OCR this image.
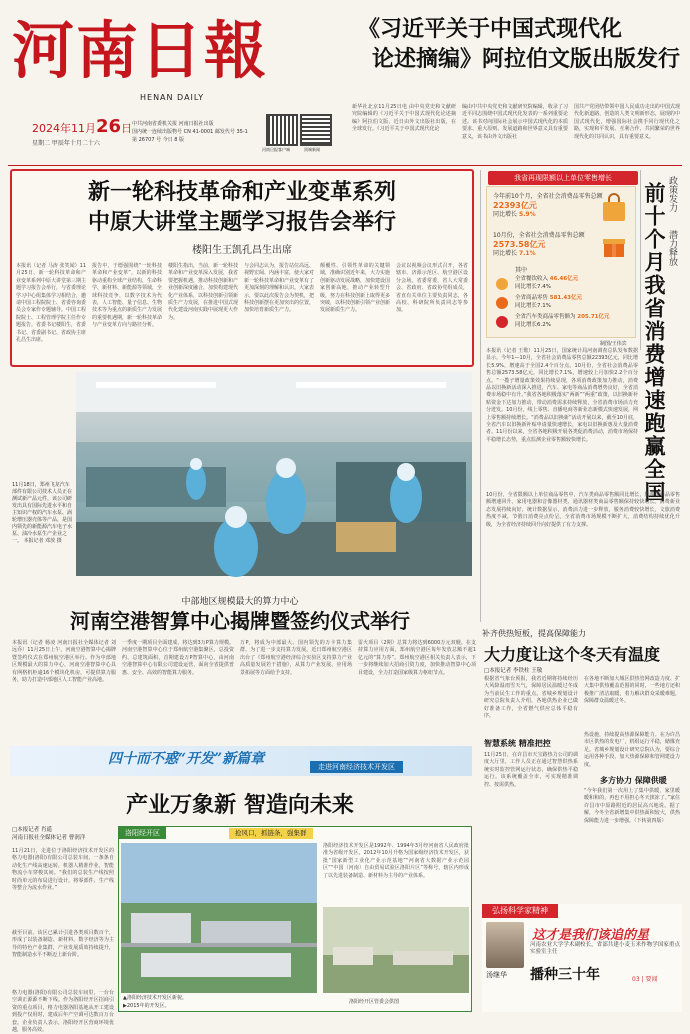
河南日報
HENAN DAILY
2024年11月26日
星期二 甲辰年十月二十六
中共河南省委机关报 河南日报社出版
国内统一连续出版物号 CN 41-0001 邮发代号 35-1
第 26707 号 今日 8 版
河南日报客户端	顶端新闻
《习近平关于中国式现代化
论述摘编》阿拉伯文版出版发行
新华社北京11月25日电 由中央党史和文献研究院编辑的《习近平关于中国式现代化论述摘编》阿拉伯文版，近日由外文出版社出版，在全球发行。《习近平关于中国式现代化论
编由中共中央党史和文献研究院编辑，收录了习近平同志围绕中国式现代化发表的一系列重要论述。该书对向国际社会展示中国式现代化的本质要求、重大原则、发展道路和世界意义具有重要意义，该书由外文出版社
国共产党团结带领中国人民成功走出的中国式现代化新道路，创造的人类文明新形态，展现的中国式现代化，增强国际社会携手同行现代化之路，实现和平发展、互利合作、共同繁荣的世界现代化的共同认识，具有重要意义。
新一轮科技革命和产业变革系列
中原大讲堂主题学习报告会举行
楼阳生王凯孔昌生出席
本报讯（记者 马涛 张笑闻）11月25日，新一轮科技革命和产业变革系列中原大讲堂第三期主题学习报告会举行，与省委理论学习中心组集体学习相结合，邀请中国工程院院士、省委咨询委员会专家作专题辅导。中国工程院院士、工程管理学院主任作专题报告。省委书记楼阳生，省委书记、省委副书记、省政协主席孔昌生出席。
报告中，于德强围绕“一轮科技革命和产业变革”，以新的科技驱动重构全球产业结构，生命科学、新材料、新能源等领域，全球科技竞争，以数字技术为代表，人工智能、量子信息、生物技术等为重点的新质生产力发展的重要机遇期，新一轮科技革命与产业变革方向与路径分析。
楼阳生指出，当前，新一轮科技革命和产业变革深入发展，我省要把握机遇，推动科技创新和产业创新深度融合，加快构建现代化产业体系，以科技创新引领新质生产力发展，在推进中国式现代化建设河南实践中展现更大作为。
与会同志认为，报告站位高远、视野宏阔、内涵丰富，使大家对新一轮科技革命和产业变革有了更加深刻的理解和认识。大家表示，要以此次报告会为契机，把科技创新摆在更加突出的位置，加快培育新质生产力。
颠覆性、引领性革命的关键领域，准确识别近年来，大力实施创新驱动发展战略，加快建设国家创新高地，推动产业转型升级，努力在科技创新上取得更多突破，以科技创新引领产业创新发展新质生产力。
会议以视频会议形式召开，各省辖市、济源示范区、航空港区设分会场。省委常委，省人大常委会、省政府、省政协党组成员，省直有关单位主要负责同志，各高校、科研院所负责同志等参加。
11月18日，郑州飞龙汽车部件有限公司技术人员正在测试新产品元件。该公司研发出具有国际先进水平和自主知识产权的汽车水泵、涡轮增压器壳体等产品，是国内领先的新能源汽车电子水泵、油冷水泵生产企业之一。 本报记者 邓放 摄
我省再现限额以上单位零售增长
今年前10个月，全省社会消费品零售总额
22393亿元
同比增长 5.9%
10月份，全省社会消费品零售总额
2573.58亿元
同比增长 7.1%
其中
全省餐饮收入 46.46亿元
同比增长7.4%
全省商品零售 581.43亿元
同比增长7.1%
全省汽车类商品零售额为 205.71亿元
同比增长6.2%
制图/王伟宾
政策发力
潜力释放
前十个月我省消费增速跑赢全国
本报讯（记者 王歌）11月25日，国家统计局河南调查总队发布数据显示，今年1—10月，全省社会消费品零售总额22393亿元，同比增长5.9%，增速高于全国2.4个百分点。10月份，全省社会消费品零售总额2573.58亿元，同比增长7.1%，增速较上月加快2.2个百分点。“一揽子增量政策效果持续显现，各项消费政策加力推动，消费品以旧换新活动深入推进，汽车、家电等商品消费增势良好，全省消费市场稳中有升。”我省各地积极落实“两新”“两重”政策，以旧换新补贴资金下达加力推动，带动消费需求持续释放，全省消费市场活力充分迸发。10月份，线上零售、直播电商等新业态新模式快速发展，网上零售额持续增长。“消费品以旧换新”活动开展以来，截至10月底，全省汽车以旧换新补贴申请量快速增长，家电以旧换新惠及大量消费者。11月份以来，全省各地积极开展各类促消费活动，消费市场保持平稳增长态势，重点监测企业零售额较快增长。
10月份，全省限额以上单位商品零售中，汽车类商品零售额同比增长，能源类商品零售额增速回升。家用电器和音像器材类、通讯器材类商品零售额保持较快增长。消费新业态发展持续向好，统计数据显示，消费活力进一步释放，服务消费较快增长，文旅消费热度不减，节假日消费亮点纷呈。全省消费市场规模不断扩大，消费结构持续优化升级，为全省经济持续回升向好提供了有力支撑。
中部地区规模最大的算力中心
河南空港智算中心揭牌暨签约仪式举行
本报讯（记者 杨凌 河南日报社全媒体记者 刘远乔）11月25日上午，河南空港智算中心揭牌暨签约仪式在郑州航空港区举行。作为中部地区规模最大的算力中心，河南空港智算中心具有网格机柜逾16个模块化机房，可提供算力服务，助力打造中部地区人工智能产业高地。
一季度一期项目全面建成，将达到3万P算力规模。河南空港智算中心位于郑州航空港集聚区，总投资约、总建筑面积，首期建设万P智算中心，由河南空港智算中心有限公司建设运营，面向全省提供普惠、安全、高效的智能算力服务。
万P，将成为中部最大、国内领先的万卡算力集群。为了进一步支持算力发展，近日郑州航空港区出台了《郑州航空港经济综合实验区支持算力产业高质量发展若干措施》，从算力产业发展、应用场景拓展等方面给予支持。
雷火项目（2期）总算力将达到6000万元双舰。在支持算力应用方面，郑州航空港区每年发放总额不超1亿元的“算力券”。郑州航空港区相关负责人表示，下一步将继续加大招商引资力度，加快推动智算中心项目建设，全力打造国家级算力枢纽节点。
四十而不惑“开发”新篇章	走进河南经济技术开发区
产业万象新 智造向未来
□本报记者 肖遥
河南日报社全媒体记者 曹润洋
11月21日，走进位于洛阳经济技术开发区的格力电器(洛阳)有限公司总装车间，一条条自动化生产线高速运转，机器人精准作业，智能物流小车穿梭其间。“我们的总装生产线按照时尚单元的布局进行设计，将零部件、生产线等整合为流水作业。”
截至目前，该区已累计引进各类项目数百个，形成了以装备制造、新材料、数字经济等为主导的特色产业集群，产业发展质效持续提升，智能制造水平不断迈上新台阶。
格力电器(洛阳)有限公司总装车间里，一台台空调正源源不断下线。作为洛阳经开区招商引资的重点项目，格力电器洛阳基地从开工建设到投产仅用时，建成后年产空调可达数百万台套。企业负责人表示，洛阳经开区营商环境优越，服务高效。
洛阳经开区	抢风口，抓链条，强集群
洛阳经济技术开发区是1992年、1994年3月经河南省人民政府批准为省级开发区，2012年10月升格为国家级经济技术开发区，获批“国家新型工业化产业示范基地”“河南省大数据产业示范园区”“中国（河南）自由贸易试验区洛阳片区”等称号，辖区内形成了以先进装备制造、新材料为主导的产业体系。
▲洛阳经济技术开发区新貌。
▶2015年的开发区。
洛阳经开区管委会供图
补齐供热短板，提高保障能力
大力度让这个冬天有温度
□本报记者 李铁柱 王敬
根据省气象台预报，我省近期将持续经历大风降温雨雪天气，保障居民温暖过冬成为当前民生工作的重点。省城乡规划设计研究总院负责人介绍，各地供热企业已做好准备工作，全省燃气供应总体平稳有序。
智慧系统 精准把控
11月25日，在许昌市天宝路热力公司的调度大厅里，工作人员正在通过智慧供热系统实时监控管网运行状态，确保供热平稳运行。该系统覆盖全市，可实现精准调控、按需供热。
在各地不断加大城区供热管网改造力度、扩大集中供热覆盖范围的同时，一些地方还积极推广清洁取暖，着力解决群众采暖难题，保障群众温暖过冬。
热设施，持续提高热源保障能力。在为许昌市区供热的发电厂，机组运行平稳，储煤充足。省城乡规划设计研究总院认为，要综合运用各种手段，加大热源保障和管网建设力度。
多方协力 保障供暖
“今年我们第一次用上了集中供暖，家里暖暖和和的，再也不用担心冬天挨冻了。”家住许昌市中原路附近的居民高兴地说。据了解，今冬全省新增集中供热面积较大，供热保障能力进一步增强。（下转第四版）
弘扬科学家精神
这才是我们该追的星
汤继华
河南农业大学学术副校长，省部共建小麦玉米作物学国家重点实验室主任
播种三十年	03 | 要闻
